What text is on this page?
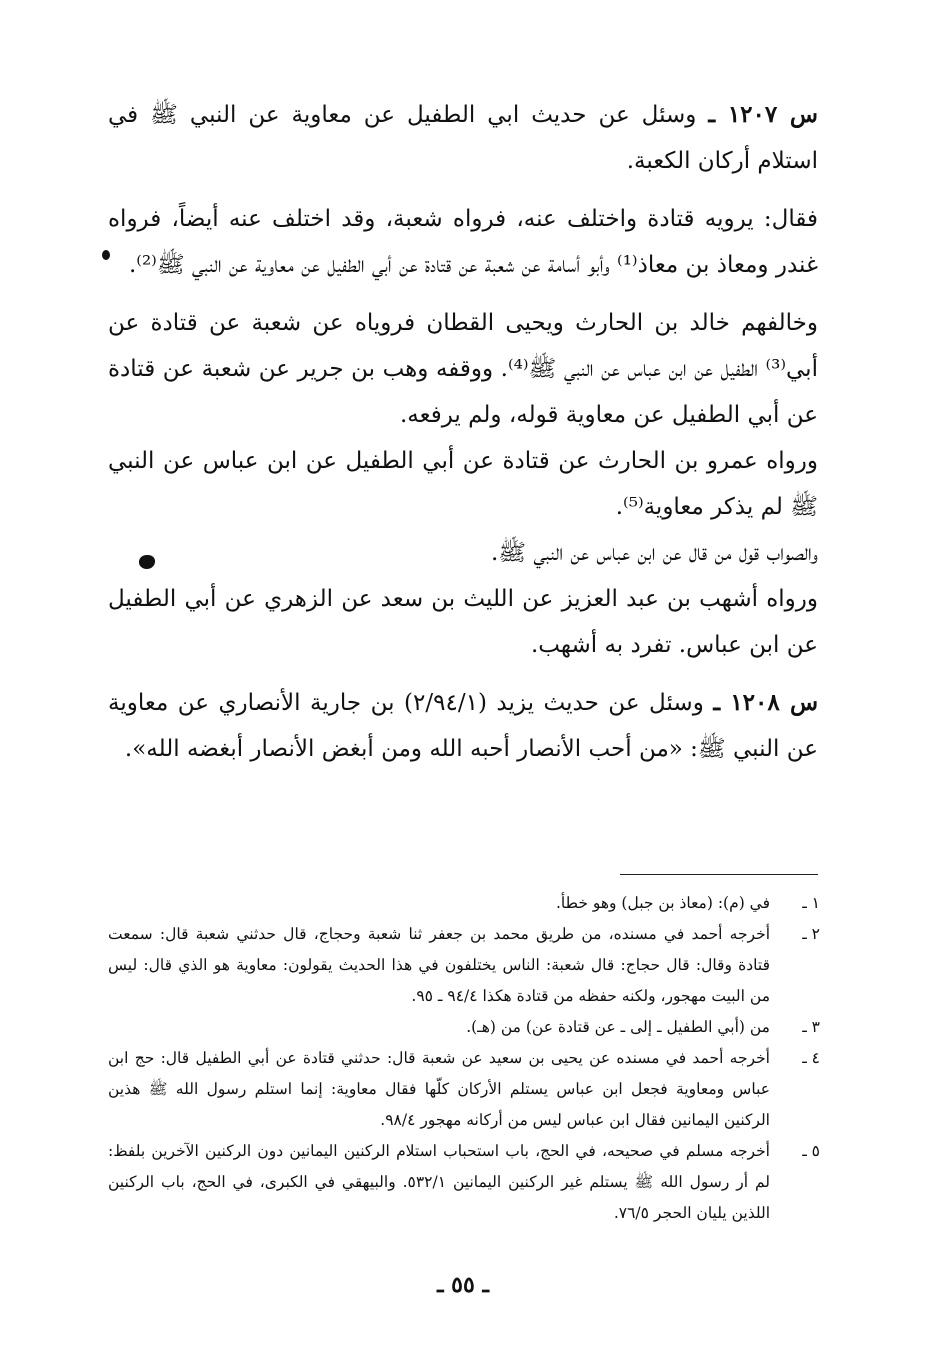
س ١٢٠٧ ـ وسئل عن حديث ابي الطفيل عن معاوية عن النبي ﷺ في استلام أركان الكعبة.

فقال: يرويه قتادة واختلف عنه، فرواه شعبة، وقد اختلف عنه أيضاً، فرواه غندر ومعاذ بن معاذ⁽¹⁾ وأبو أسامة عن شعبة عن قتادة عن أبي الطفيل عن معاوية عن النبي ﷺ⁽²⁾.

وخالفهم خالد بن الحارث ويحيى القطان فروياه عن شعبة عن قتادة عن أبي⁽³⁾ الطفيل عن ابن عباس عن النبي ﷺ⁽⁴⁾. ووقفه وهب بن جرير عن شعبة عن قتادة عن أبي الطفيل عن معاوية قوله، ولم يرفعه.

ورواه عمرو بن الحارث عن قتادة عن أبي الطفيل عن ابن عباس عن النبي ﷺ لم يذكر معاوية⁽⁵⁾.

والصواب قول من قال عن ابن عباس عن النبي ﷺ.

ورواه أشهب بن عبد العزيز عن الليث بن سعد عن الزهري عن أبي الطفيل عن ابن عباس. تفرد به أشهب.

س ١٢٠٨ ـ وسئل عن حديث يزيد (٢/٩٤/١) بن جارية الأنصاري عن معاوية عن النبي ﷺ: «من أحب الأنصار أحبه الله ومن أبغض الأنصار أبغضه الله».

١ ـ
في (م): (معاذ بن جبل) وهو خطأ.
٢ ـ
أخرجه أحمد في مسنده، من طريق محمد بن جعفر ثنا شعبة وحجاج، قال حدثني شعبة قال: سمعت قتادة وقال: قال حجاج: قال شعبة: الناس يختلفون في هذا الحديث يقولون: معاوية هو الذي قال: ليس من البيت مهجور، ولكنه حفظه من قتادة هكذا ٩٤/٤ ـ ٩٥.
٣ ـ
من (أبي الطفيل ـ إلى ـ عن قتادة عن) من (هـ).
٤ ـ
أخرجه أحمد في مسنده عن يحيى بن سعيد عن شعبة قال: حدثني قتادة عن أبي الطفيل قال: حج ابن عباس ومعاوية فجعل ابن عباس يستلم الأركان كلّها فقال معاوية: إنما استلم رسول الله ﷺ هذين الركنين اليمانين فقال ابن عباس ليس من أركانه مهجور ٩٨/٤.
٥ ـ
أخرجه مسلم في صحيحه، في الحج، باب استحباب استلام الركنين اليمانين دون الركنين الآخرين بلفظ: لم أر رسول الله ﷺ يستلم غير الركنين اليمانين ٥٣٢/١. والبيهقي في الكبرى، في الحج، باب الركنين اللذين يليان الحجر ٧٦/٥.
ـ ٥٥ ـ
